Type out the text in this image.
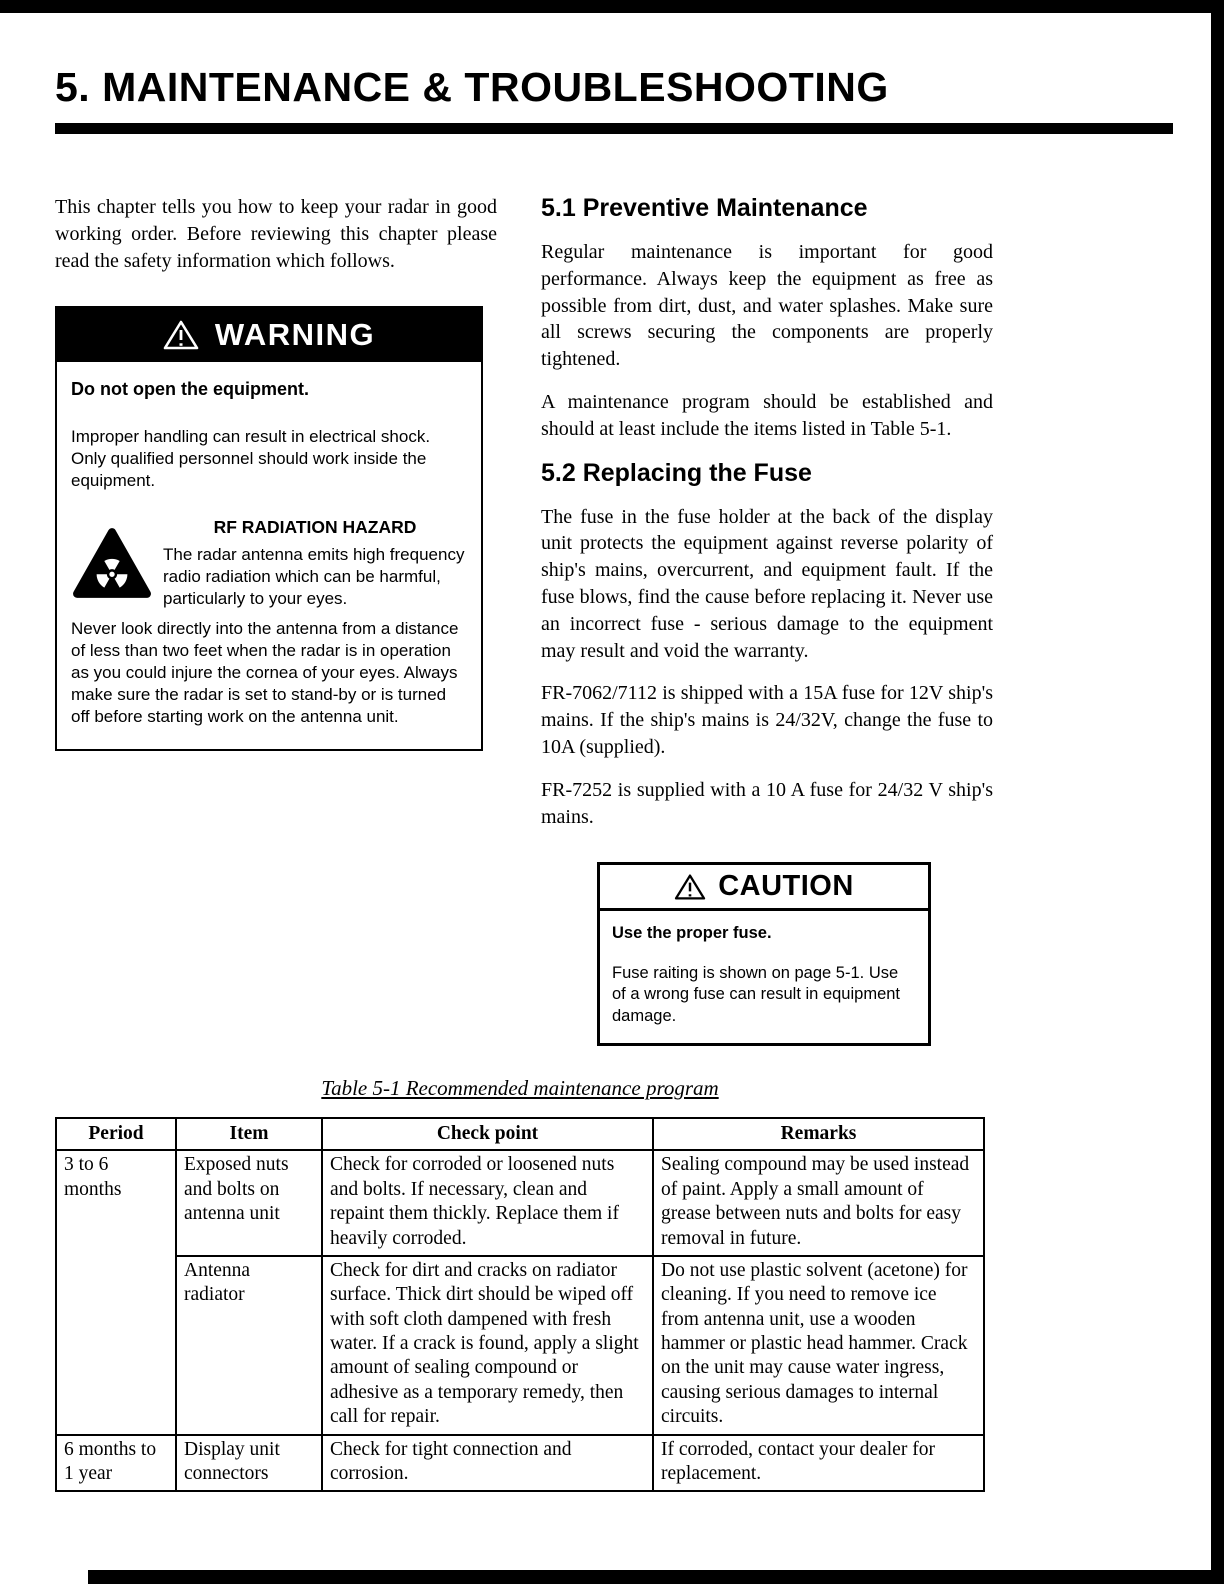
5. MAINTENANCE & TROUBLESHOOTING

This chapter tells you how to keep your radar in good working order. Before reviewing this chapter please read the safety information which follows.

WARNING

Do not open the equipment.

Improper handling can result in electrical shock. Only qualified personnel should work inside the equipment.

RF RADIATION HAZARD

The radar antenna emits high frequency radio radiation which can be harmful, particularly to your eyes.

Never look directly into the antenna from a distance of less than two feet when the radar is in operation as you could injure the cornea of your eyes. Always make sure the radar is set to stand-by or is turned off before starting work on the antenna unit.

5.1 Preventive Maintenance

Regular maintenance is important for good performance. Always keep the equipment as free as possible from dirt, dust, and water splashes. Make sure all screws securing the components are properly tightened.

A maintenance program should be established and should at least include the items listed in Table 5-1.

5.2 Replacing the Fuse

The fuse in the fuse holder at the back of the display unit protects the equipment against reverse polarity of ship's mains, overcurrent, and equipment fault. If the fuse blows, find the cause before replacing it. Never use an incorrect fuse - serious damage to the equipment may result and void the warranty.

FR-7062/7112 is shipped with a 15A fuse for 12V ship's mains. If the ship's mains is 24/32V, change the fuse to 10A (supplied).

FR-7252 is supplied with a 10 A fuse for 24/32 V ship's mains.

CAUTION

Use the proper fuse.

Fuse raiting is shown on page 5-1. Use of a wrong fuse can result in equipment damage.

Table 5-1 Recommended maintenance program

Period	Item	Check point	Remarks
3 to 6 months	Exposed nuts and bolts on antenna unit	Check for corroded or loosened nuts and bolts. If necessary, clean and repaint them thickly. Replace them if heavily corroded.	Sealing compound may be used instead of paint. Apply a small amount of grease between nuts and bolts for easy removal in future.
Antenna radiator	Check for dirt and cracks on radiator surface. Thick dirt should be wiped off with soft cloth dampened with fresh water. If a crack is found, apply a slight amount of sealing compound or adhesive as a temporary remedy, then call for repair.	Do not use plastic solvent (acetone) for cleaning. If you need to remove ice from antenna unit, use a wooden hammer or plastic head hammer. Crack on the unit may cause water ingress, causing serious damages to internal circuits.
6 months to 1 year	Display unit connectors	Check for tight connection and corrosion.	If corroded, contact your dealer for replacement.
